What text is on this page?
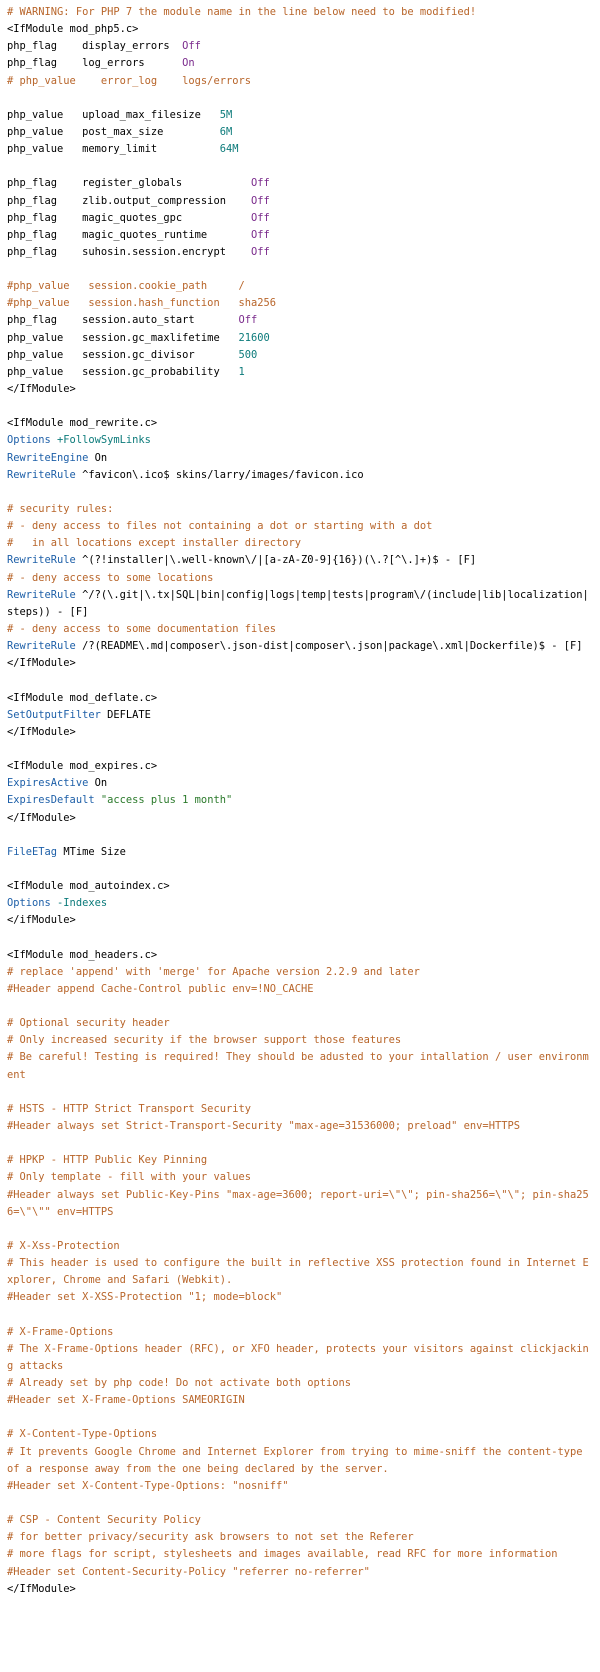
# WARNING: For PHP 7 the module name in the line below need to be modified!
<IfModule mod_php5.c>
php_flag    display_errors  Off
php_flag    log_errors      On
# php_value    error_log    logs/errors
php_value   upload_max_filesize   5M
php_value   post_max_size         6M
php_value   memory_limit          64M
php_flag    register_globals           Off
php_flag    zlib.output_compression    Off
php_flag    magic_quotes_gpc           Off
php_flag    magic_quotes_runtime       Off
php_flag    suhosin.session.encrypt    Off
#php_value   session.cookie_path     /
#php_value   session.hash_function   sha256
php_flag    session.auto_start       Off
php_value   session.gc_maxlifetime   21600
php_value   session.gc_divisor       500
php_value   session.gc_probability   1
</IfModule>
<IfModule mod_rewrite.c>
Options +FollowSymLinks
RewriteEngine On
RewriteRule ^favicon\.ico$ skins/larry/images/favicon.ico
# security rules:
# - deny access to files not containing a dot or starting with a dot
#   in all locations except installer directory
RewriteRule ^(?!installer|\.well-known\/|[a-zA-Z0-9]{16})(\.?[^\.]+)$ - [F]
# - deny access to some locations
RewriteRule ^/?(\.git|\.tx|SQL|bin|config|logs|temp|tests|program\/(include|lib|localization|steps)) - [F]
# - deny access to some documentation files
RewriteRule /?(README\.md|composer\.json-dist|composer\.json|package\.xml|Dockerfile)$ - [F]
</IfModule>
<IfModule mod_deflate.c>
SetOutputFilter DEFLATE
</IfModule>
<IfModule mod_expires.c>
ExpiresActive On
ExpiresDefault "access plus 1 month"
</IfModule>
FileETag MTime Size
<IfModule mod_autoindex.c>
Options -Indexes
</ifModule>
<IfModule mod_headers.c>
# replace 'append' with 'merge' for Apache version 2.2.9 and later
#Header append Cache-Control public env=!NO_CACHE
# Optional security header
# Only increased security if the browser support those features
# Be careful! Testing is required! They should be adusted to your intallation / user environment
# HSTS - HTTP Strict Transport Security
#Header always set Strict-Transport-Security "max-age=31536000; preload" env=HTTPS
# HPKP - HTTP Public Key Pinning
# Only template - fill with your values
#Header always set Public-Key-Pins "max-age=3600; report-uri=\"\"; pin-sha256=\"\"; pin-sha256=\"\"" env=HTTPS
# X-Xss-Protection
# This header is used to configure the built in reflective XSS protection found in Internet Explorer, Chrome and Safari (Webkit).
#Header set X-XSS-Protection "1; mode=block"
# X-Frame-Options
# The X-Frame-Options header (RFC), or XFO header, protects your visitors against clickjacking attacks
# Already set by php code! Do not activate both options
#Header set X-Frame-Options SAMEORIGIN
# X-Content-Type-Options
# It prevents Google Chrome and Internet Explorer from trying to mime-sniff the content-type of a response away from the one being declared by the server.
#Header set X-Content-Type-Options: "nosniff"
# CSP - Content Security Policy
# for better privacy/security ask browsers to not set the Referer
# more flags for script, stylesheets and images available, read RFC for more information
#Header set Content-Security-Policy "referrer no-referrer"
</IfModule>
